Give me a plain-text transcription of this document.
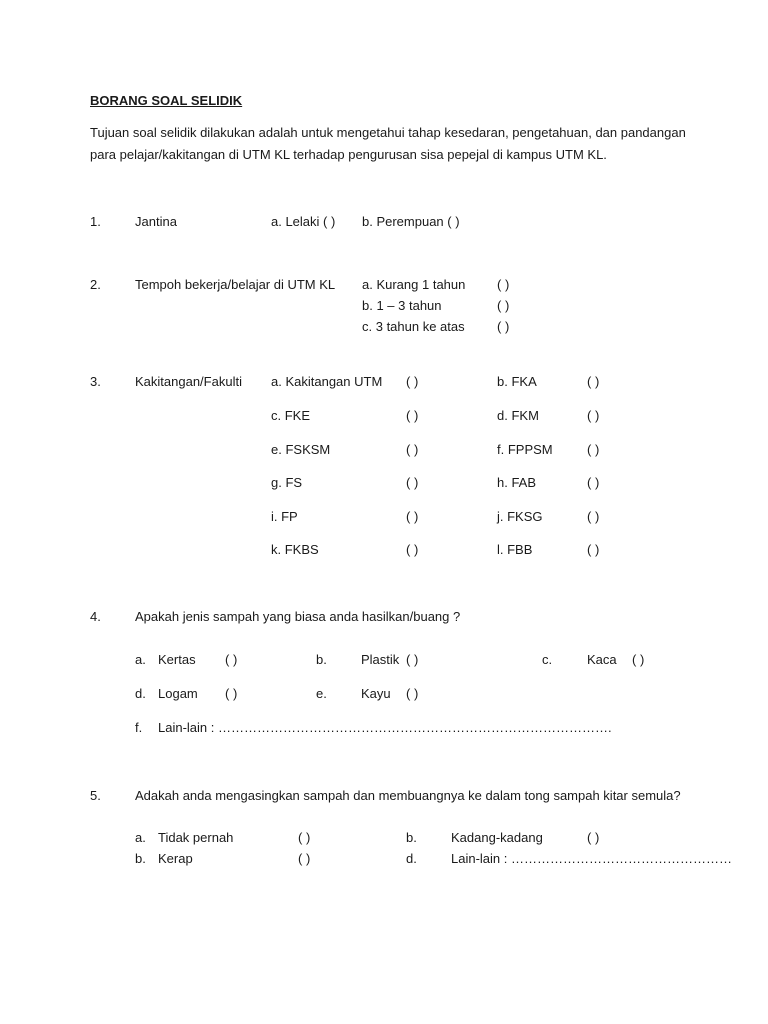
BORANG SOAL SELIDIK
Tujuan soal selidik dilakukan adalah untuk mengetahui tahap kesedaran, pengetahuan, dan pandangan
para pelajar/kakitangan di UTM KL terhadap pengurusan sisa pepejal di kampus UTM KL.
1.	Jantina	a. Lelaki ( ) b. Perempuan ( )
2.	Tempoh bekerja/belajar di UTM KL a. Kurang 1 tahun ( )
b. 1 – 3 tahun	( )
c. 3 tahun ke atas ( )
3.	Kakitangan/Fakulti a. Kakitangan UTM ( )	b. FKA	( )
c. FKE	( )	d. FKM	( )
e. FSKSM	( )	f. FPPSM	( )
g. FS	( )	h. FAB	( )
i. FP	( )	j. FKSG	( )
k. FKBS	( )	l. FBB	( )
4.	Apakah jenis sampah yang biasa anda hasilkan/buang ?
a. Kertas ( )	b.	Plastik ( )	c.	Kaca ( )
d. Logam ( )	e.	Kayu ( )
f. Lain-lain : ……………………………………………………………………………….
5.	Adakah anda mengasingkan sampah dan membuangnya ke dalam tong sampah kitar semula?
a. Tidak pernah	( )	b.	Kadang-kadang	( )
b. Kerap	( )	d.	Lain-lain : ……………………………………………
